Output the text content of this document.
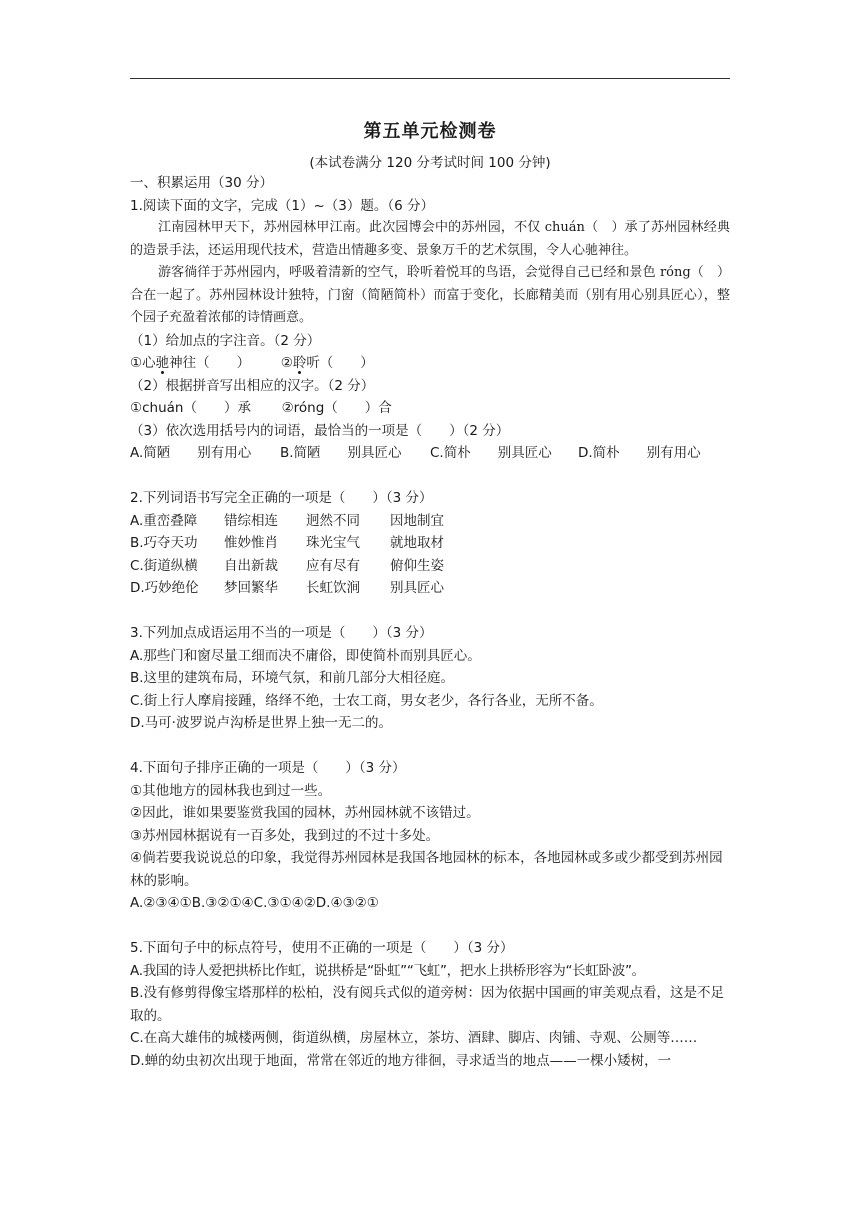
第五单元检测卷
(本试卷满分 120 分考试时间 100 分钟)
一、积累运用（30 分）
1.阅读下面的文字，完成（1）~（3）题。（6 分）
江南园林甲天下，苏州园林甲江南。此次园博会中的苏州园，不仅 chuán（　）承了苏州园林经典的造景手法，还运用现代技术，营造出情趣多变、景象万千的艺术氛围，令人心驰神往。
游客徜徉于苏州园内，呼吸着清新的空气，聆听着悦耳的鸟语，会觉得自己已经和景色 róng（　）合在一起了。苏州园林设计独特，门窗（简陋简朴）而富于变化，长廊精美而（别有用心别具匠心），整个园子充盈着浓郁的诗情画意。
（1）给加点的字注音。（2 分）
①心驰神往（　　） ②聆听（　　）
（2）根据拼音写出相应的汉字。（2 分）
①chuán（　　）承 ②róng（　　）合
（3）依次选用括号内的词语，最恰当的一项是（　　）（2 分）
A.简陋　　别有用心 B.简陋　　别具匠心 C.简朴　　别具匠心 D.简朴　　别有用心
2.下列词语书写完全正确的一项是（　　）（3 分）
A.重峦叠障 错综相连 迥然不同 因地制宜
B.巧夺天功 惟妙惟肖 珠光宝气 就地取材
C.街道纵横 自出新裁 应有尽有 俯仰生姿
D.巧妙绝伦 梦回繁华 长虹饮涧 别具匠心
3.下列加点成语运用不当的一项是（　　）（3 分）
A.那些门和窗尽量工细而决不庸俗，即使简朴而别具匠心。
B.这里的建筑布局，环境气氛，和前几部分大相径庭。
C.街上行人摩肩接踵，络绎不绝，士农工商，男女老少，各行各业，无所不备。
D.马可·波罗说卢沟桥是世界上独一无二的。
4.下面句子排序正确的一项是（　　）（3 分）
①其他地方的园林我也到过一些。
②因此，谁如果要鉴赏我国的园林，苏州园林就不该错过。
③苏州园林据说有一百多处，我到过的不过十多处。
④倘若要我说说总的印象，我觉得苏州园林是我国各地园林的标本，各地园林或多或少都受到苏州园林的影响。
A.②③④①B.③②①④C.③①④②D.④③②①
5.下面句子中的标点符号，使用不正确的一项是（　　）（3 分）
A.我国的诗人爱把拱桥比作虹，说拱桥是“卧虹”“飞虹”，把水上拱桥形容为“长虹卧波”。
B.没有修剪得像宝塔那样的松柏，没有阅兵式似的道旁树：因为依据中国画的审美观点看，这是不足取的。
C.在高大雄伟的城楼两侧，街道纵横，房屋林立，茶坊、酒肆、脚店、肉铺、寺观、公厕等……
D.蝉的幼虫初次出现于地面，常常在邻近的地方徘徊，寻求适当的地点——一棵小矮树，一
